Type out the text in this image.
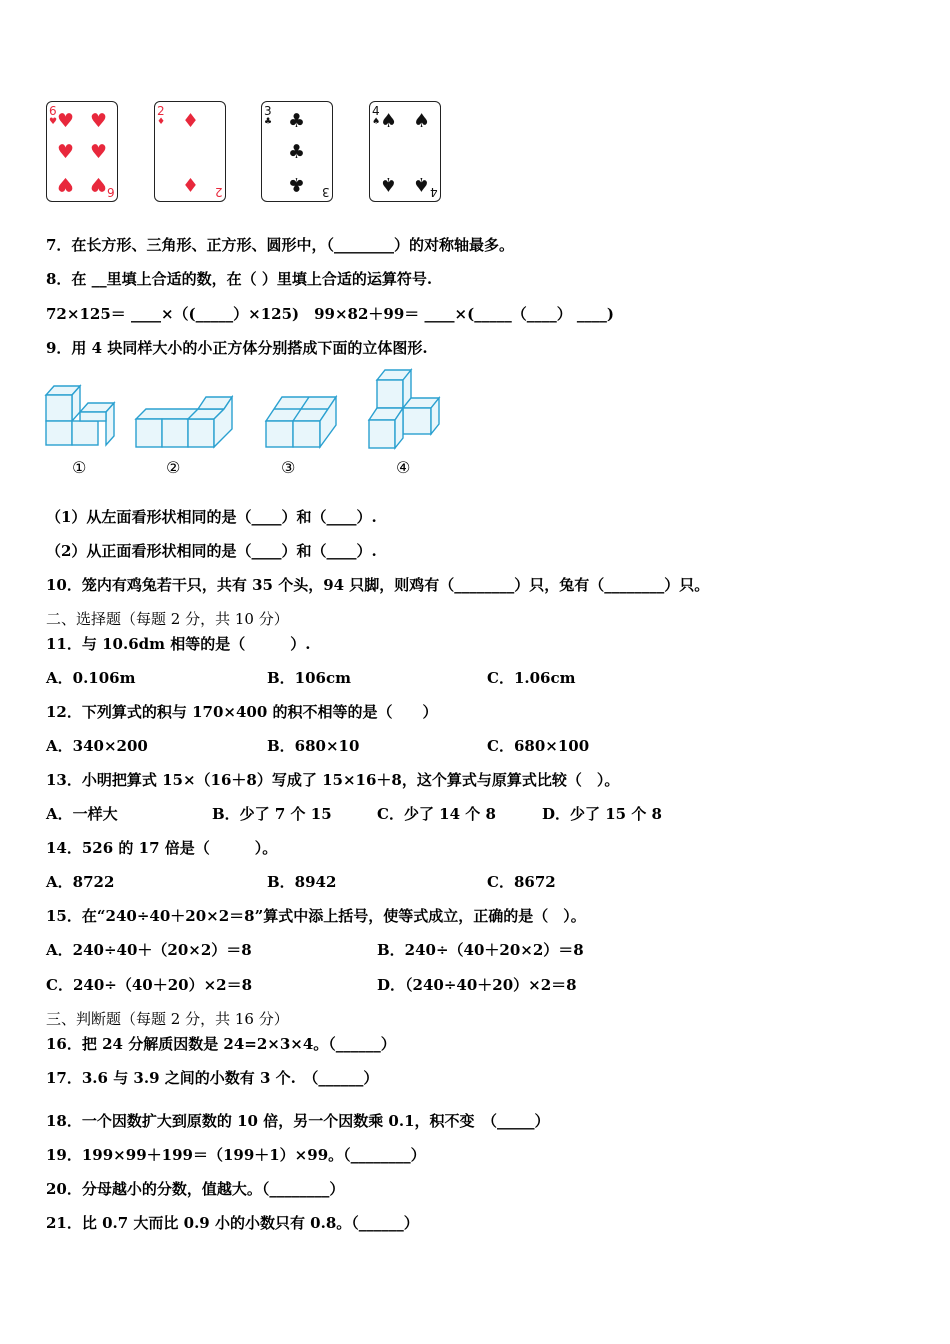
6
♥ ♥ ♥
♥ ♥
♥ ♥ 6
2
♦ ♦
♦ 2
3
♣ ♣
♣
♣ 3
4
♠ ♠ ♠
♠ ♠ 4
7．在长方形、三角形、正方形、圆形中，（________）的对称轴最多。
8．在 __里填上合适的数，在（ ）里填上合适的运算符号.
72×125＝ ____×（(_____）×125)　99×82＋99＝ ____×(_____（____） ____)
9．用 4 块同样大小的小正方体分别搭成下面的立体图形.
①	②	③	④
（1）从左面看形状相同的是（____）和（____）.
（2）从正面看形状相同的是（____）和（____）.
10．笼内有鸡兔若干只，共有 35 个头，94 只脚，则鸡有（________）只，兔有（________）只。
二、选择题（每题 2 分，共 10 分）
11．与 10.6dm 相等的是（　　　）.
A．0.106m	B．106cm	C．1.06cm
12．下列算式的积与 170×400 的积不相等的是（　　）
A．340×200	B．680×10	C．680×100
13．小明把算式 15×（16＋8）写成了 15×16＋8，这个算式与原算式比较（　）。
A．一样大	B．少了 7 个 15	C．少了 14 个 8	D．少了 15 个 8
14．526 的 17 倍是（　　　）。
A．8722	B．8942	C．8672
15．在“240÷40＋20×2＝8”算式中添上括号，使等式成立，正确的是（　）。
A．240÷40＋（20×2）＝8	B．240÷（40＋20×2）＝8
C．240÷（40＋20）×2＝8	D．（240÷40＋20）×2＝8
三、判断题（每题 2 分，共 16 分）
16．把 24 分解质因数是 24=2×3×4。（______）
17．3.6 与 3.9 之间的小数有 3 个.　（______）
18．一个因数扩大到原数的 10 倍，另一个因数乘 0.1，积不变　（_____）
19．199×99＋199＝（199＋1）×99。（________）
20．分母越小的分数，值越大。（________）
21．比 0.7 大而比 0.9 小的小数只有 0.8。（______）
